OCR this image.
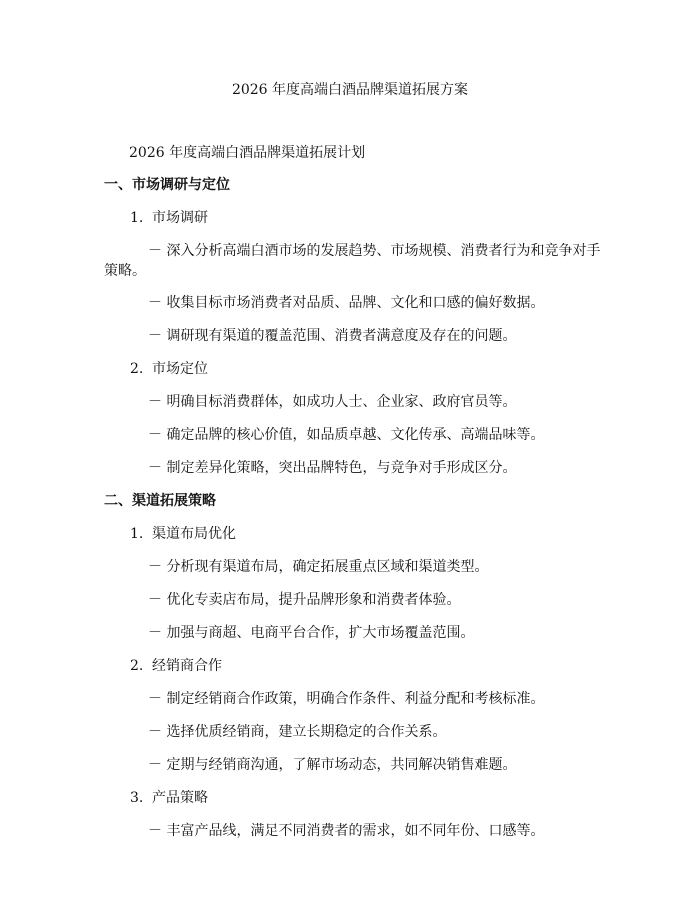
2026 年度高端白酒品牌渠道拓展方案
2026 年度高端白酒品牌渠道拓展计划
一、市场调研与定位
1. 市场调研
－ 深入分析高端白酒市场的发展趋势、市场规模、消费者行为和竞争对手策略。
－ 收集目标市场消费者对品质、品牌、文化和口感的偏好数据。
－ 调研现有渠道的覆盖范围、消费者满意度及存在的问题。
2. 市场定位
－ 明确目标消费群体，如成功人士、企业家、政府官员等。
－ 确定品牌的核心价值，如品质卓越、文化传承、高端品味等。
－ 制定差异化策略，突出品牌特色，与竞争对手形成区分。
二、渠道拓展策略
1. 渠道布局优化
－ 分析现有渠道布局，确定拓展重点区域和渠道类型。
－ 优化专卖店布局，提升品牌形象和消费者体验。
－ 加强与商超、电商平台合作，扩大市场覆盖范围。
2. 经销商合作
－ 制定经销商合作政策，明确合作条件、利益分配和考核标准。
－ 选择优质经销商，建立长期稳定的合作关系。
－ 定期与经销商沟通，了解市场动态，共同解决销售难题。
3. 产品策略
－ 丰富产品线，满足不同消费者的需求，如不同年份、口感等。
